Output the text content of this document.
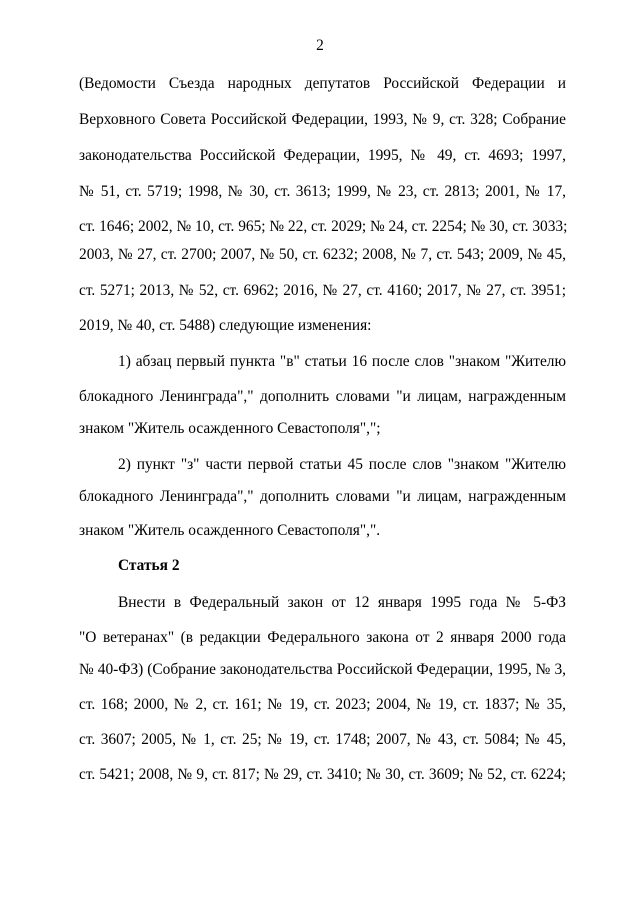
2
(Ведомости Съезда народных депутатов Российской Федерации и
Верховного Совета Российской Федерации, 1993, № 9, ст. 328; Собрание
законодательства Российской Федерации, 1995, № 49, ст. 4693; 1997,
№ 51, ст. 5719; 1998, № 30, ст. 3613; 1999, № 23, ст. 2813; 2001, № 17,
ст. 1646; 2002, № 10, ст. 965; № 22, ст. 2029; № 24, ст. 2254; № 30, ст. 3033;
2003, № 27, ст. 2700; 2007, № 50, ст. 6232; 2008, № 7, ст. 543; 2009, № 45,
ст. 5271; 2013, № 52, ст. 6962; 2016, № 27, ст. 4160; 2017, № 27, ст. 3951;
2019, № 40, ст. 5488) следующие изменения:
1) абзац первый пункта "в" статьи 16 после слов "знаком "Жителю
блокадного Ленинграда"," дополнить словами "и лицам, награжденным
знаком "Житель осажденного Севастополя",";
2) пункт "з" части первой статьи 45 после слов "знаком "Жителю
блокадного Ленинграда"," дополнить словами "и лицам, награжденным
знаком "Житель осажденного Севастополя",".
Статья 2
Внести в Федеральный закон от 12 января 1995 года № 5-ФЗ
"О ветеранах" (в редакции Федерального закона от 2 января 2000 года
№ 40-ФЗ) (Собрание законодательства Российской Федерации, 1995, № 3,
ст. 168; 2000, № 2, ст. 161; № 19, ст. 2023; 2004, № 19, ст. 1837; № 35,
ст. 3607; 2005, № 1, ст. 25; № 19, ст. 1748; 2007, № 43, ст. 5084; № 45,
ст. 5421; 2008, № 9, ст. 817; № 29, ст. 3410; № 30, ст. 3609; № 52, ст. 6224;
